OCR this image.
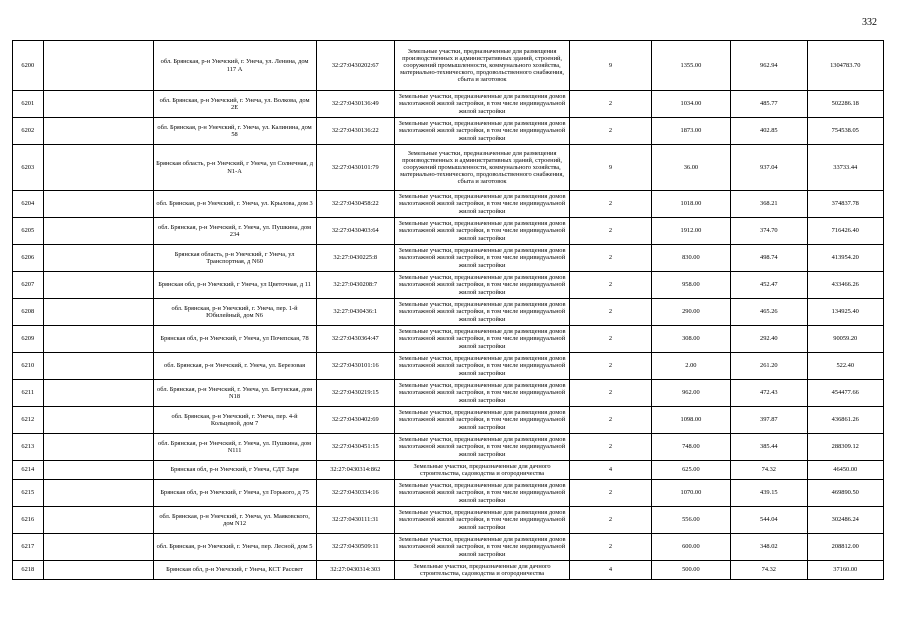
332
6200		обл. Брянская, р-н Унечский, г. Унеча, ул. Ленина, дом 117 А	32:27:0430202:67	Земельные участки, предназначенные для размещения производственных и административных зданий, строений, сооружений промышленности, коммунального хозяйства, материально-технического, продовольственного снабжения, сбыта и заготовок	9	1355.00	962.94	1304783.70
6201		обл. Брянская, р-н Унечский, г. Унеча, ул. Волкова, дом 2Е	32:27:0430136:49	Земельные участки, предназначенные для размещения домов малоэтажной жилой застройки, в том числе индивидуальной жилой застройки	2	1034.00	485.77	502286.18
6202		обл. Брянская, р-н Унечский, г. Унеча, ул. Калинина, дом 58	32:27:0430136:22	Земельные участки, предназначенные для размещения домов малоэтажной жилой застройки, в том числе индивидуальной жилой застройки	2	1873.00	402.85	754538.05
6203		Брянская область, р-н Унечский, г Унеча, ул Солнечная, д N1-А	32:27:0430101:79	Земельные участки, предназначенные для размещения производственных и административных зданий, строений, сооружений промышленности, коммунального хозяйства, материально-технического, продовольственного снабжения, сбыта и заготовок	9	36.00	937.04	33733.44
6204		обл. Брянская, р-н Унечский, г. Унеча, ул. Крылова, дом 3	32:27:0430458:22	Земельные участки, предназначенные для размещения домов малоэтажной жилой застройки, в том числе индивидуальной жилой застройки	2	1018.00	368.21	374837.78
6205		обл. Брянская, р-н Унечский, г. Унеча, ул. Пушкина, дом 234	32:27:0430403:64	Земельные участки, предназначенные для размещения домов малоэтажной жилой застройки, в том числе индивидуальной жилой застройки	2	1912.00	374.70	716426.40
6206		Брянская область, р-н Унечский, г Унеча, ул Транспортная, д N60	32:27:0430225:8	Земельные участки, предназначенные для размещения домов малоэтажной жилой застройки, в том числе индивидуальной жилой застройки	2	830.00	498.74	413954.20
6207		Брянская обл, р-н Унечский, г Унеча, ул Цветочная, д 11	32:27:0430208:7	Земельные участки, предназначенные для размещения домов малоэтажной жилой застройки, в том числе индивидуальной жилой застройки	2	958.00	452.47	433466.26
6208		обл. Брянская, р-н Унечский, г. Унеча, пер. 1-й Юбилейный, дом N6	32:27:0430436:1	Земельные участки, предназначенные для размещения домов малоэтажной жилой застройки, в том числе индивидуальной жилой застройки	2	290.00	465.26	134925.40
6209		Брянская обл, р-н Унечский, г Унеча, ул Почепская, 78	32:27:0430364:47	Земельные участки, предназначенные для размещения домов малоэтажной жилой застройки, в том числе индивидуальной жилой застройки	2	308.00	292.40	90059.20
6210		обл. Брянская, р-н Унечский, г. Унеча, ул. Березовая	32:27:0430101:16	Земельные участки, предназначенные для размещения домов малоэтажной жилой застройки, в том числе индивидуальной жилой застройки	2	2.00	261.20	522.40
6211		обл. Брянская, р-н Унечский, г. Унеча, ул. Бетунская, дом N18	32:27:0430219:15	Земельные участки, предназначенные для размещения домов малоэтажной жилой застройки, в том числе индивидуальной жилой застройки	2	962.00	472.43	454477.66
6212		обл. Брянская, р-н Унечский, г. Унеча, пер. 4-й Кольцевой, дом 7	32:27:0430402:69	Земельные участки, предназначенные для размещения домов малоэтажной жилой застройки, в том числе индивидуальной жилой застройки	2	1098.00	397.87	436861.26
6213		обл. Брянская, р-н Унечский, г. Унеча, ул. Пушкина, дом N111	32:27:0430451:15	Земельные участки, предназначенные для размещения домов малоэтажной жилой застройки, в том числе индивидуальной жилой застройки	2	748.00	385.44	288309.12
6214		Брянская обл, р-н Унечский, г Унеча, СДТ Заря	32:27:0430314:862	Земельные участки, предназначенные для дачного строительства, садоводства и огородничества	4	625.00	74.32	46450.00
6215		Брянская обл, р-н Унечский, г Унеча, ул Горького, д 75	32:27:0430334:16	Земельные участки, предназначенные для размещения домов малоэтажной жилой застройки, в том числе индивидуальной жилой застройки	2	1070.00	439.15	469890.50
6216		обл. Брянская, р-н Унечский, г. Унеча, ул. Маяковского, дом N12	32:27:0430111:31	Земельные участки, предназначенные для размещения домов малоэтажной жилой застройки, в том числе индивидуальной жилой застройки	2	556.00	544.04	302486.24
6217		обл. Брянская, р-н Унечский, г. Унеча, пер. Лесной, дом 5	32:27:0430509:11	Земельные участки, предназначенные для размещения домов малоэтажной жилой застройки, в том числе индивидуальной жилой застройки	2	600.00	348.02	208812.00
6218		Брянская обл, р-н Унечский, г Унеча, КСТ Рассвет	32:27:0430314:303	Земельные участки, предназначенные для дачного строительства, садоводства и огородничества	4	500.00	74.32	37160.00
